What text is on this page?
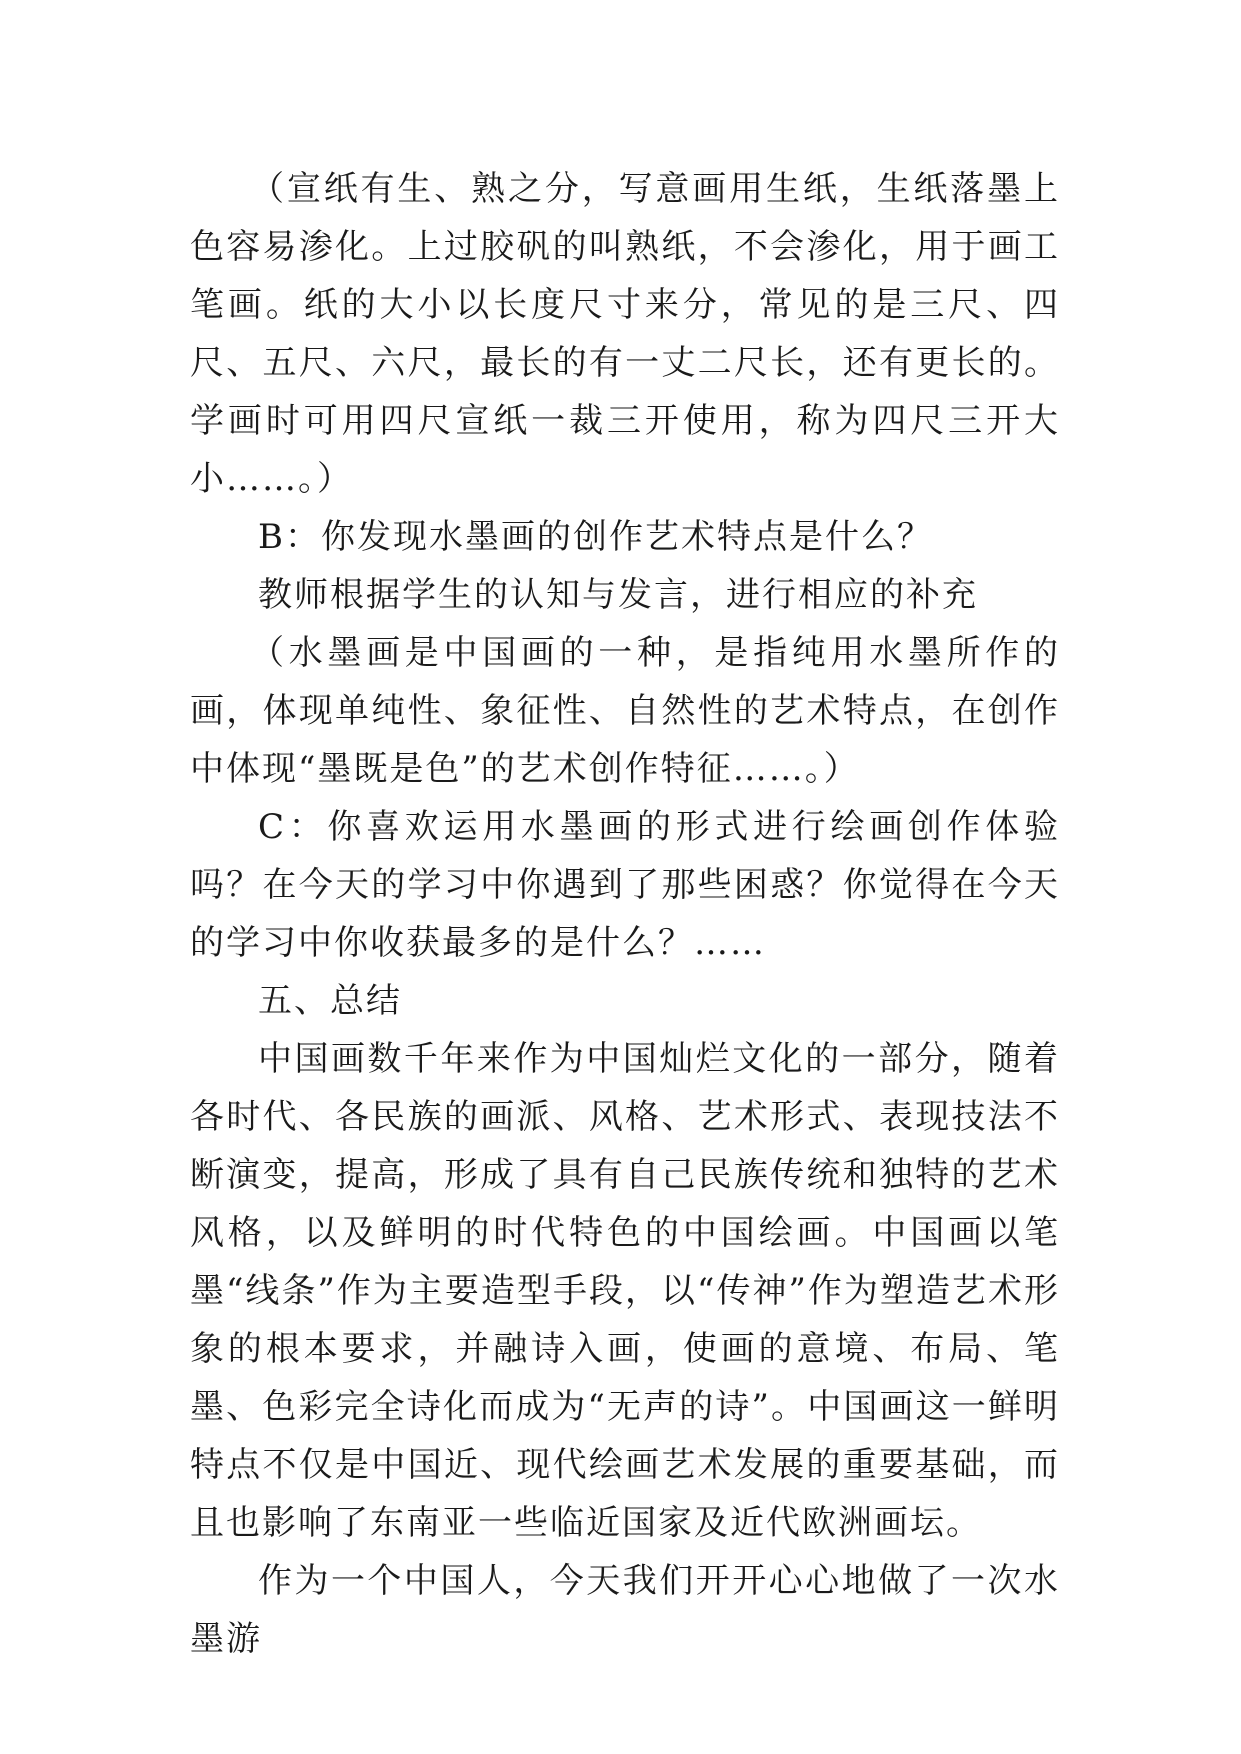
（宣纸有生、熟之分，写意画用生纸，生纸落墨上色容易渗化。上过胶矾的叫熟纸，不会渗化，用于画工笔画。纸的大小以长度尺寸来分，常见的是三尺、四尺、五尺、六尺，最长的有一丈二尺长，还有更长的。学画时可用四尺宣纸一裁三开使用，称为四尺三开大小……。）

B：你发现水墨画的创作艺术特点是什么？

教师根据学生的认知与发言，进行相应的补充

（水墨画是中国画的一种，是指纯用水墨所作的画，体现单纯性、象征性、自然性的艺术特点，在创作中体现“墨既是色”的艺术创作特征……。）

C：你喜欢运用水墨画的形式进行绘画创作体验吗？在今天的学习中你遇到了那些困惑？你觉得在今天的学习中你收获最多的是什么？……

五、总结

中国画数千年来作为中国灿烂文化的一部分，随着各时代、各民族的画派、风格、艺术形式、表现技法不断演变，提高，形成了具有自己民族传统和独特的艺术风格，以及鲜明的时代特色的中国绘画。中国画以笔墨“线条”作为主要造型手段，以“传神”作为塑造艺术形象的根本要求，并融诗入画，使画的意境、布局、笔墨、色彩完全诗化而成为“无声的诗”。中国画这一鲜明特点不仅是中国近、现代绘画艺术发展的重要基础，而且也影响了东南亚一些临近国家及近代欧洲画坛。

作为一个中国人，今天我们开开心心地做了一次水墨游
